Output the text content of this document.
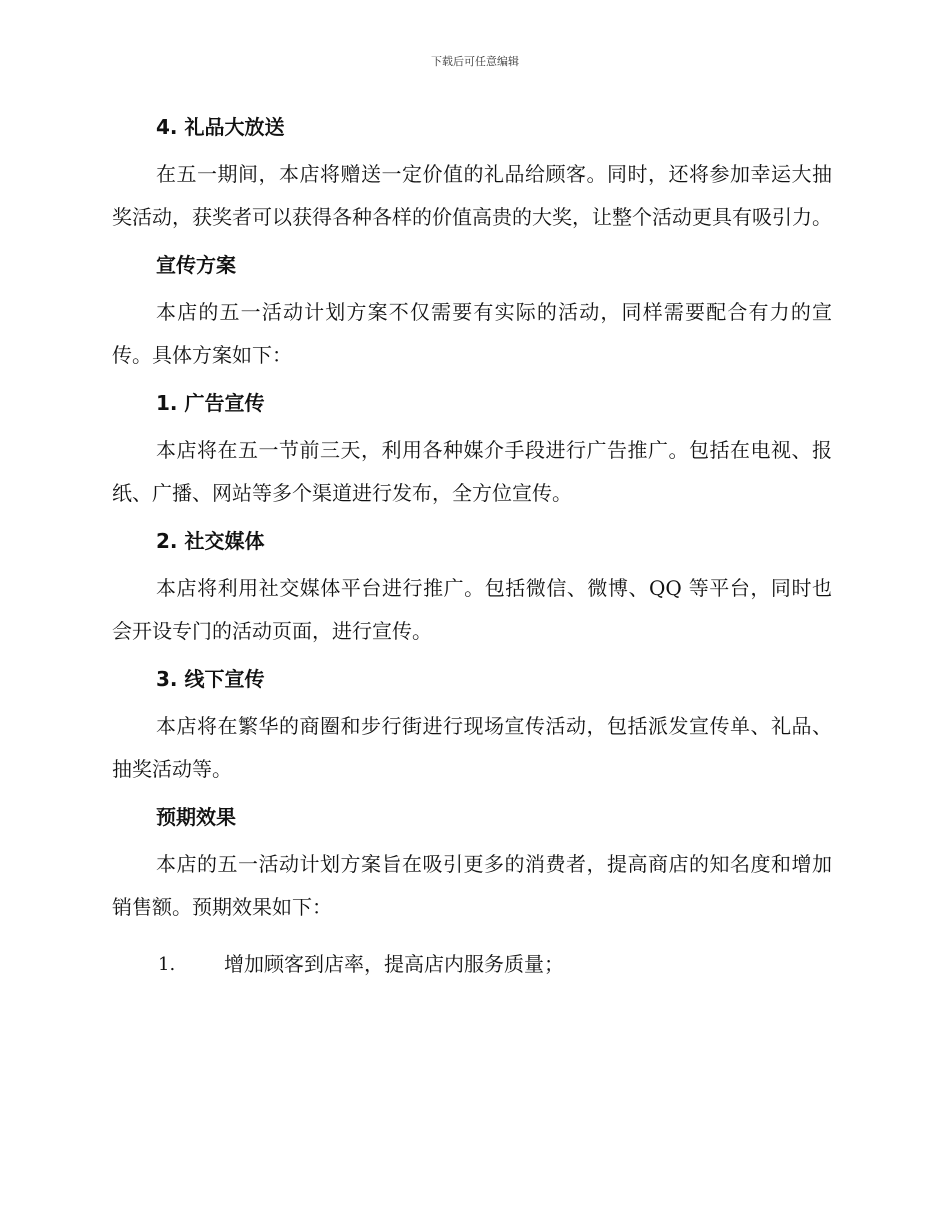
下载后可任意编辑
4. 礼品大放送

在五一期间，本店将赠送一定价值的礼品给顾客。同时，还将参加幸运大抽奖活动，获奖者可以获得各种各样的价值高贵的大奖，让整个活动更具有吸引力。

宣传方案

本店的五一活动计划方案不仅需要有实际的活动，同样需要配合有力的宣传。具体方案如下：

1. 广告宣传

本店将在五一节前三天，利用各种媒介手段进行广告推广。包括在电视、报纸、广播、网站等多个渠道进行发布，全方位宣传。

2. 社交媒体

本店将利用社交媒体平台进行推广。包括微信、微博、QQ 等平台，同时也会开设专门的活动页面，进行宣传。

3. 线下宣传

本店将在繁华的商圈和步行街进行现场宣传活动，包括派发宣传单、礼品、抽奖活动等。

预期效果

本店的五一活动计划方案旨在吸引更多的消费者，提高商店的知名度和增加销售额。预期效果如下：

1.	增加顾客到店率，提高店内服务质量；
